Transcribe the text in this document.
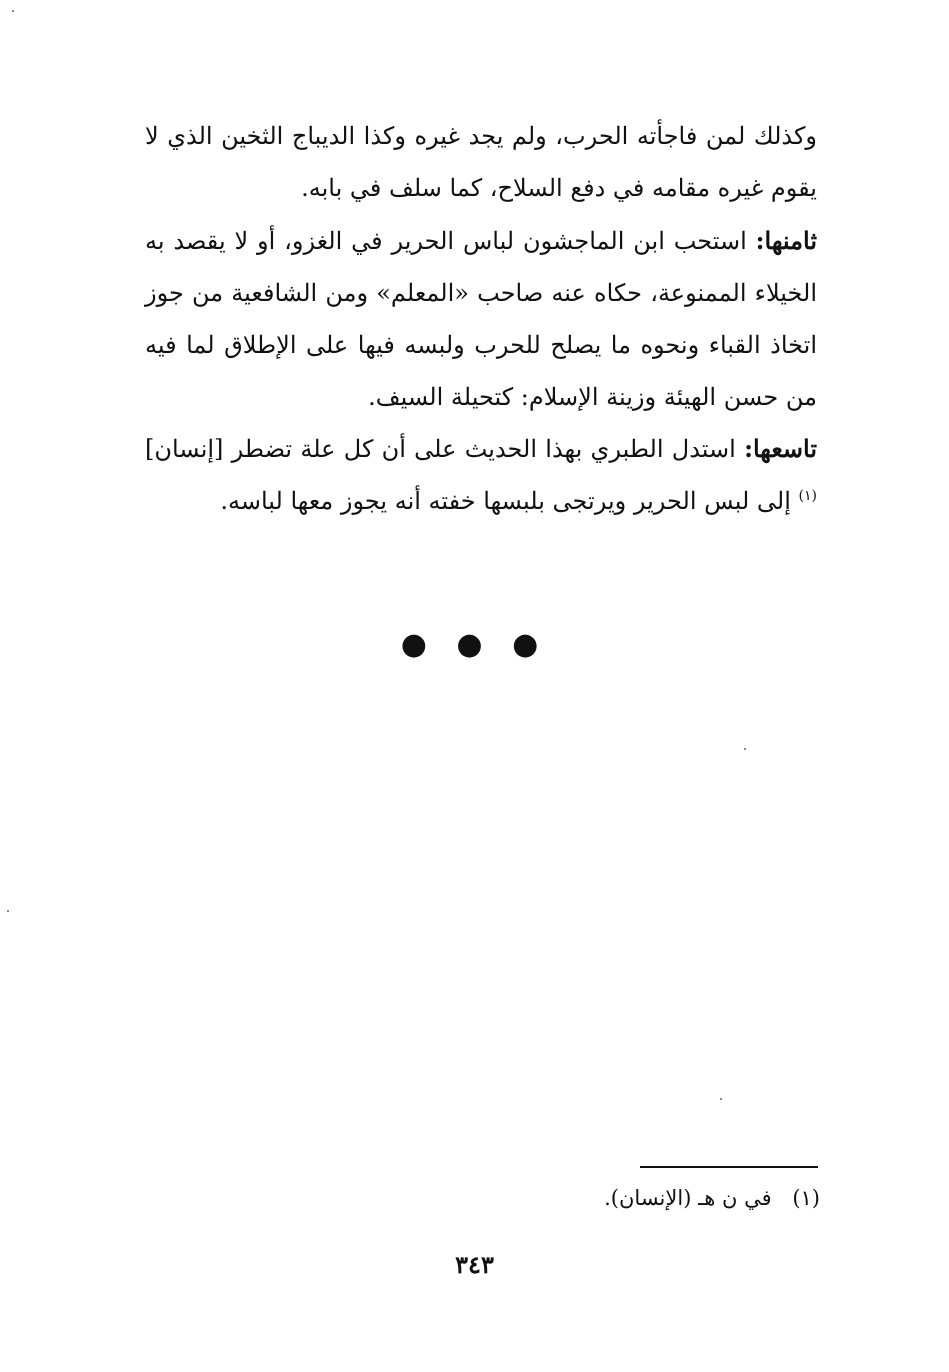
وكذلك لمن فاجأته الحرب، ولم يجد غيره وكذا الديباج الثخين الذي لا يقوم غيره مقامه في دفع السلاح، كما سلف في بابه.
ثامنها: استحب ابن الماجشون لباس الحرير في الغزو، أو لا يقصد به الخيلاء الممنوعة، حكاه عنه صاحب «المعلم» ومن الشافعية من جوز اتخاذ القباء ونحوه ما يصلح للحرب ولبسه فيها على الإطلاق لما فيه من حسن الهيئة وزينة الإسلام: كتحيلة السيف.
تاسعها: استدل الطبري بهذا الحديث على أن كل علة تضطر [إنسان]$^{(١)}$ إلى لبس الحرير ويرتجى بلبسها خفته أنه يجوز معها لباسه.
● ● ●
(١) في ن هـ (الإنسان).
٣٤٣
